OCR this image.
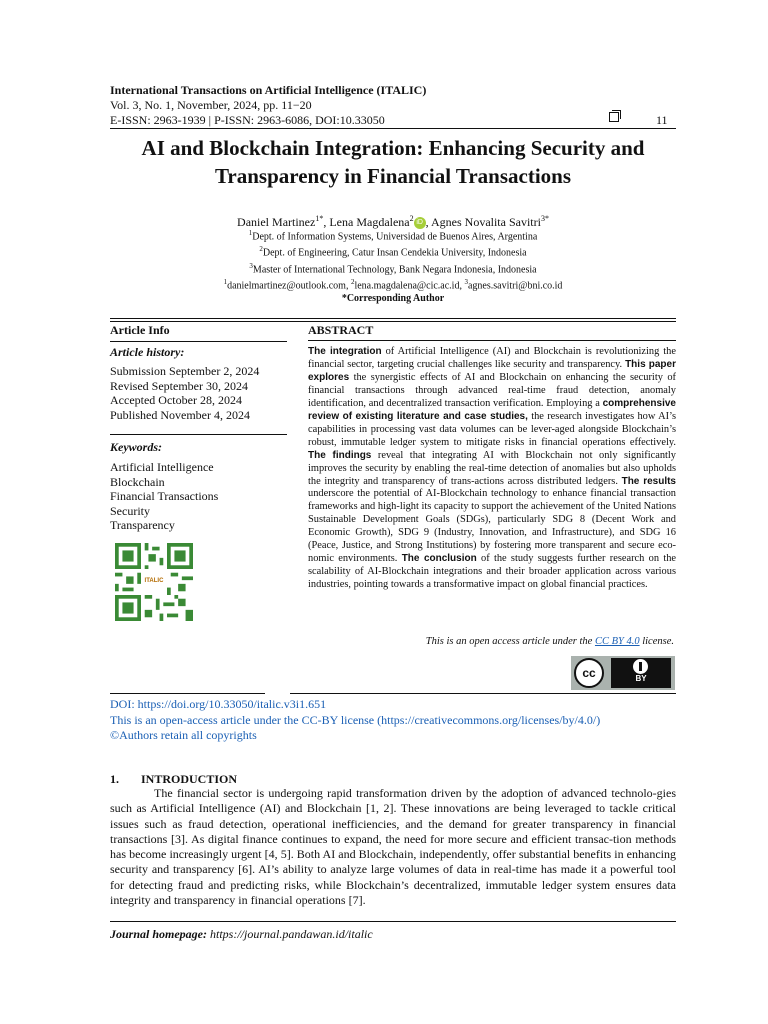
International Transactions on Artificial Intelligence (ITALIC)
Vol. 3, No. 1, November, 2024, pp. 11−20
E-ISSN: 2963-1939 | P-ISSN: 2963-6086, DOI:10.33050	11
AI and Blockchain Integration: Enhancing Security and
Transparency in Financial Transactions
Daniel Martinez$^{1*}$, Lena Magdalena$^2$ iD , Agnes Novalita Savitri$^{3*}$
$^1$Dept. of Information Systems, Universidad de Buenos Aires, Argentina
$^2$Dept. of Engineering, Catur Insan Cendekia University, Indonesia
$^3$Master of International Technology, Bank Negara Indonesia, Indonesia
$^1$danielmartinez@outlook.com, $^2$lena.magdalena@cic.ac.id, $^3$agnes.savitri@bni.co.id
*Corresponding Author
Article Info
Article history:
Submission September 2, 2024
Revised September 30, 2024
Accepted October 28, 2024
Published November 4, 2024
Keywords:
Artificial Intelligence
Blockchain
Financial Transactions
Security
Transparency
ITALIC
ABSTRACT
The integration of Artificial Intelligence (AI) and Blockchain is revolutionizing the financial sector, targeting crucial challenges like security and transparency. This paper explores the synergistic effects of AI and Blockchain on enhancing the security of financial transactions through advanced real-time fraud detection, anomaly identification, and decentralized transaction verification. Employing a comprehensive review of existing literature and case studies, the research investigates how AI’s capabilities in processing vast data volumes can be lever-aged alongside Blockchain’s robust, immutable ledger system to mitigate risks in financial operations effectively. The findings reveal that integrating AI with Blockchain not only significantly improves the security by enabling the real-time detection of anomalies but also upholds the integrity and transparency of trans-actions across distributed ledgers. The results underscore the potential of AI-Blockchain technology to enhance financial transaction frameworks and high-light its capacity to support the achievement of the United Nations Sustainable Development Goals (SDGs), particularly SDG 8 (Decent Work and Economic Growth), SDG 9 (Industry, Innovation, and Infrastructure), and SDG 16 (Peace, Justice, and Strong Institutions) by fostering more transparent and secure eco-nomic environments. The conclusion of the study suggests further research on the scalability of AI-Blockchain integrations and their broader application across various industries, pointing towards a transformative impact on global financial practices.
This is an open access article under the CC BY 4.0 license.
cc	BY
DOI: https://doi.org/10.33050/italic.v3i1.651
This is an open-access article under the CC-BY license (https://creativecommons.org/licenses/by/4.0/)
©Authors retain all copyrights
1. INTRODUCTION
The financial sector is undergoing rapid transformation driven by the adoption of advanced technolo-gies such as Artificial Intelligence (AI) and Blockchain [1, 2]. These innovations are being leveraged to tackle critical issues such as fraud detection, operational inefficiencies, and the demand for greater transparency in financial transactions [3]. As digital finance continues to expand, the need for more secure and efficient transac-tion methods has become increasingly urgent [4, 5]. Both AI and Blockchain, independently, offer substantial benefits in enhancing security and transparency [6]. AI’s ability to analyze large volumes of data in real-time has made it a powerful tool for detecting fraud and predicting risks, while Blockchain’s decentralized, immutable ledger system ensures data integrity and transparency in financial operations [7].
Journal homepage: https://journal.pandawan.id/italic
